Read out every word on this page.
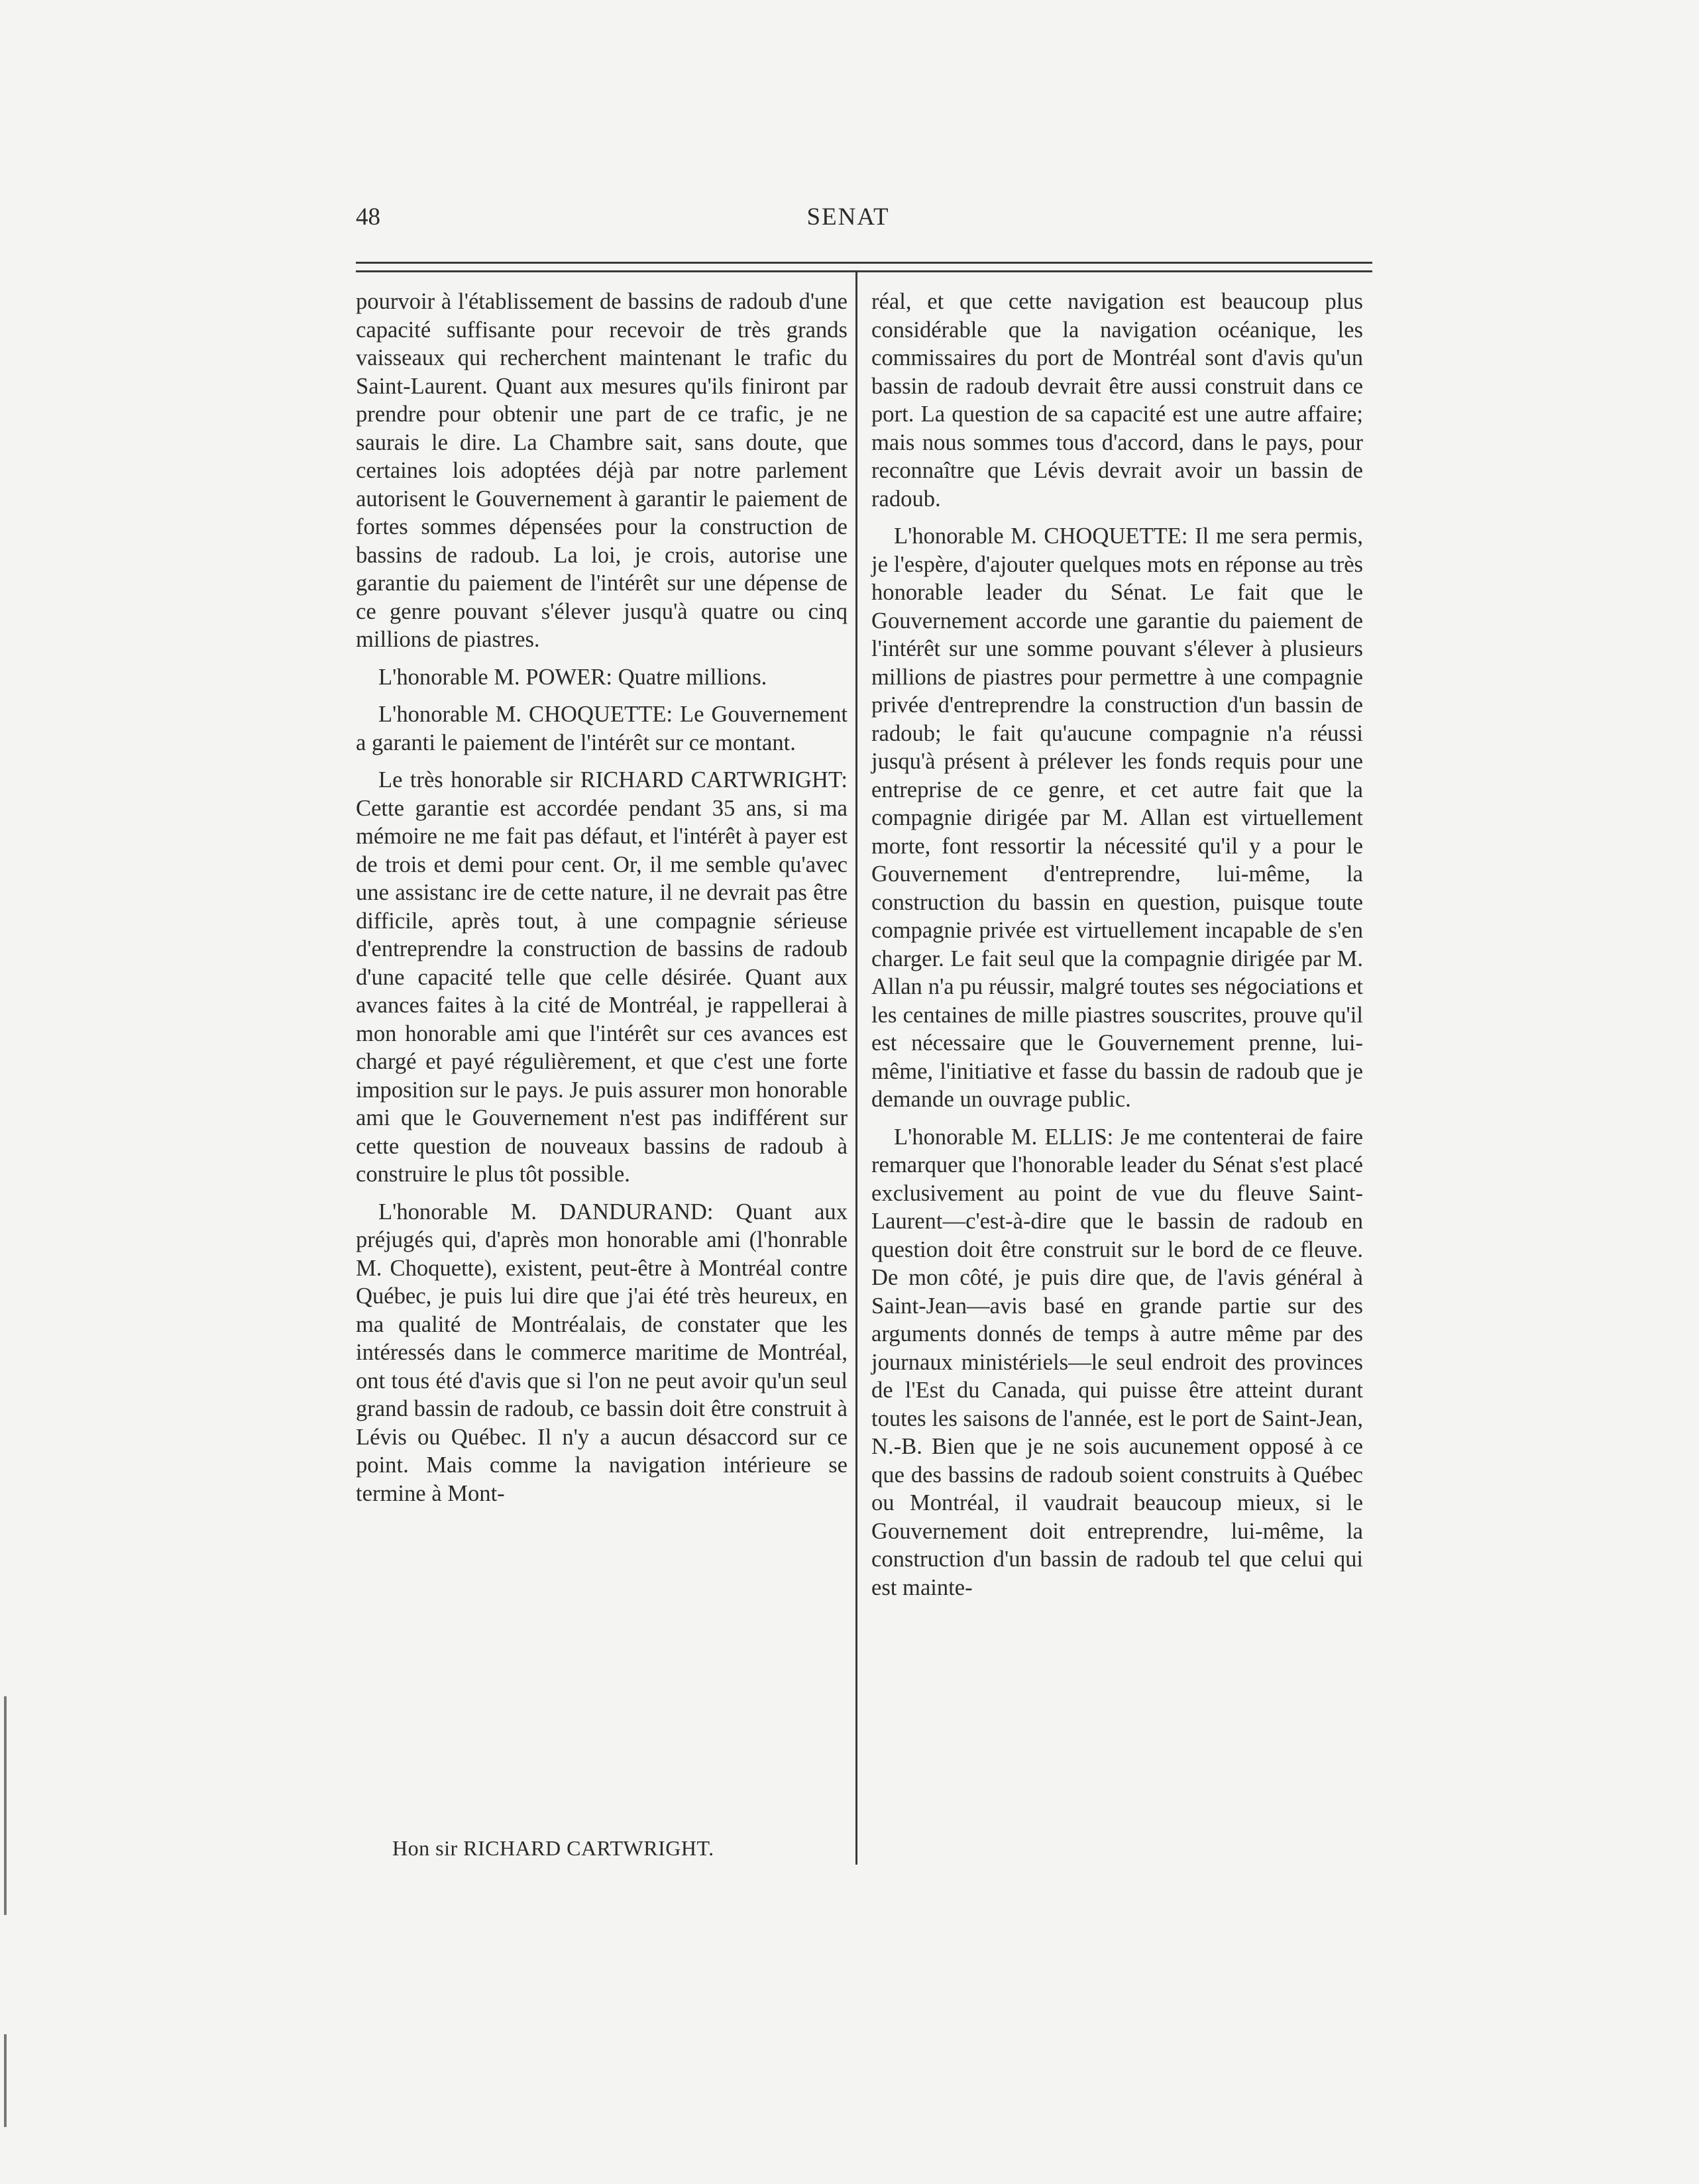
48	SENAT

pourvoir à l'établissement de bassins de radoub d'une capacité suffisante pour recevoir de très grands vaisseaux qui recherchent maintenant le trafic du Saint-Laurent. Quant aux mesures qu'ils finiront par prendre pour obtenir une part de ce trafic, je ne saurais le dire. La Chambre sait, sans doute, que certaines lois adoptées déjà par notre parlement autorisent le Gouvernement à garantir le paiement de fortes sommes dépensées pour la construction de bassins de radoub. La loi, je crois, autorise une garantie du paiement de l'intérêt sur une dépense de ce genre pouvant s'élever jusqu'à quatre ou cinq millions de piastres.

L'honorable M. POWER: Quatre millions.

L'honorable M. CHOQUETTE: Le Gouvernement a garanti le paiement de l'intérêt sur ce montant.

Le très honorable sir RICHARD CARTWRIGHT: Cette garantie est accordée pendant 35 ans, si ma mémoire ne me fait pas défaut, et l'intérêt à payer est de trois et demi pour cent. Or, il me semble qu'avec une assistanc ire de cette nature, il ne devrait pas être difficile, après tout, à une compagnie sérieuse d'entreprendre la construction de bassins de radoub d'une capacité telle que celle désirée. Quant aux avances faites à la cité de Montréal, je rappellerai à mon honorable ami que l'intérêt sur ces avances est chargé et payé régulièrement, et que c'est une forte imposition sur le pays. Je puis assurer mon honorable ami que le Gouvernement n'est pas indifférent sur cette question de nouveaux bassins de radoub à construire le plus tôt possible.

L'honorable M. DANDURAND: Quant aux préjugés qui, d'après mon honorable ami (l'honrable M. Choquette), existent, peut-être à Montréal contre Québec, je puis lui dire que j'ai été très heureux, en ma qualité de Montréalais, de constater que les intéressés dans le commerce maritime de Montréal, ont tous été d'avis que si l'on ne peut avoir qu'un seul grand bassin de radoub, ce bassin doit être construit à Lévis ou Québec. Il n'y a aucun désaccord sur ce point. Mais comme la navigation intérieure se termine à Mont-

réal, et que cette navigation est beaucoup plus considérable que la navigation océanique, les commissaires du port de Montréal sont d'avis qu'un bassin de radoub devrait être aussi construit dans ce port. La question de sa capacité est une autre affaire; mais nous sommes tous d'accord, dans le pays, pour reconnaître que Lévis devrait avoir un bassin de radoub.

L'honorable M. CHOQUETTE: Il me sera permis, je l'espère, d'ajouter quelques mots en réponse au très honorable leader du Sénat. Le fait que le Gouvernement accorde une garantie du paiement de l'intérêt sur une somme pouvant s'élever à plusieurs millions de piastres pour permettre à une compagnie privée d'entreprendre la construction d'un bassin de radoub; le fait qu'aucune compagnie n'a réussi jusqu'à présent à prélever les fonds requis pour une entreprise de ce genre, et cet autre fait que la compagnie dirigée par M. Allan est virtuellement morte, font ressortir la nécessité qu'il y a pour le Gouvernement d'entreprendre, lui-même, la construction du bassin en question, puisque toute compagnie privée est virtuellement incapable de s'en charger. Le fait seul que la compagnie dirigée par M. Allan n'a pu réussir, malgré toutes ses négociations et les centaines de mille piastres souscrites, prouve qu'il est nécessaire que le Gouvernement prenne, lui-même, l'initiative et fasse du bassin de radoub que je demande un ouvrage public.

L'honorable M. ELLIS: Je me contenterai de faire remarquer que l'honorable leader du Sénat s'est placé exclusivement au point de vue du fleuve Saint-Laurent—c'est-à-dire que le bassin de radoub en question doit être construit sur le bord de ce fleuve. De mon côté, je puis dire que, de l'avis général à Saint-Jean—avis basé en grande partie sur des arguments donnés de temps à autre même par des journaux ministériels—le seul endroit des provinces de l'Est du Canada, qui puisse être atteint durant toutes les saisons de l'année, est le port de Saint-Jean, N.-B. Bien que je ne sois aucunement opposé à ce que des bassins de radoub soient construits à Québec ou Montréal, il vaudrait beaucoup mieux, si le Gouvernement doit entreprendre, lui-même, la construction d'un bassin de radoub tel que celui qui est mainte-

Hon sir RICHARD CARTWRIGHT.
